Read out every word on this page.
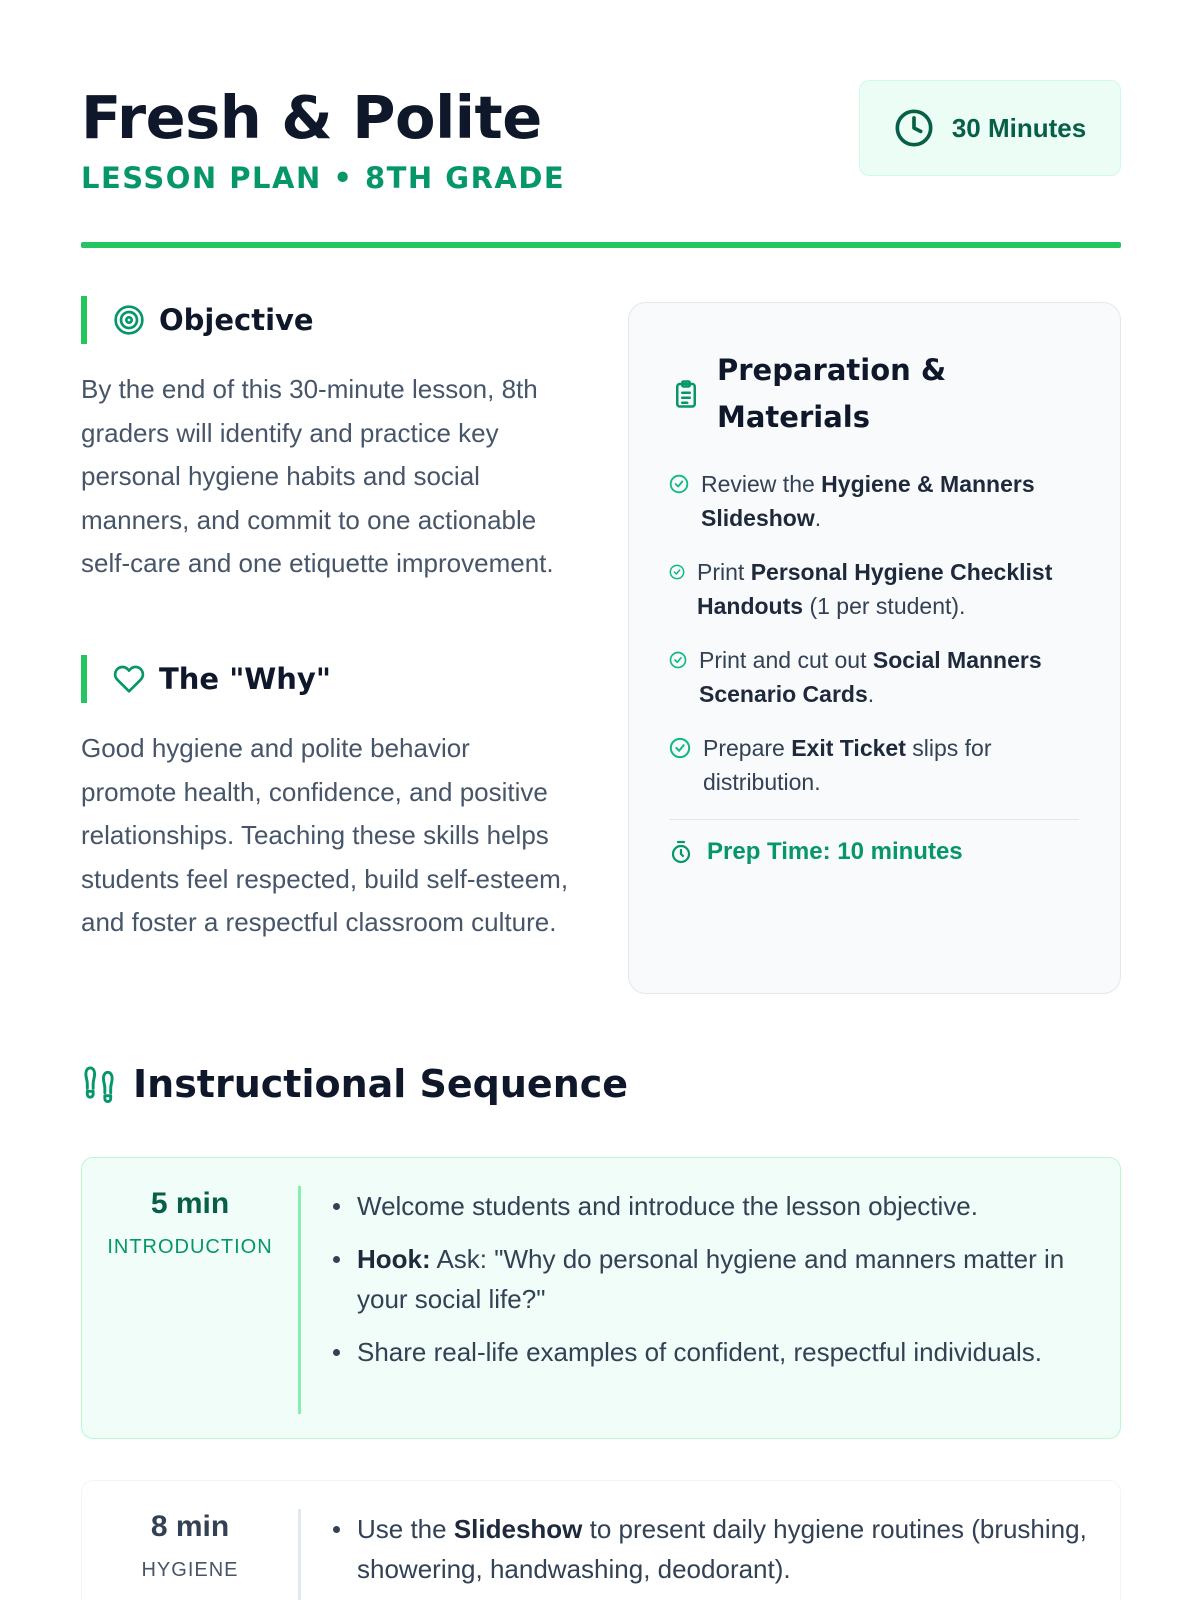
Fresh & Polite
LESSON PLAN • 8TH GRADE
30 Minutes
Objective

By the end of this 30-minute lesson, 8th graders will identify and practice key personal hygiene habits and social manners, and commit to one actionable self-care and one etiquette improvement.

The "Why"

Good hygiene and polite behavior promote health, confidence, and positive relationships. Teaching these skills helps students feel respected, build self-esteem, and foster a respectful classroom culture.

Preparation & Materials
Review the Hygiene & Manners Slideshow.
Print Personal Hygiene Checklist Handouts (1 per student).
Print and cut out Social Manners Scenario Cards.
Prepare Exit Ticket slips for distribution.
Prep Time: 10 minutes
Instructional Sequence
5 min
INTRODUCTION
Welcome students and introduce the lesson objective.
Hook: Ask: "Why do personal hygiene and manners matter in your social life?"
Share real-life examples of confident, respectful individuals.
8 min
HYGIENE
Use the Slideshow to present daily hygiene routines (brushing, showering, handwashing, deodorant).
